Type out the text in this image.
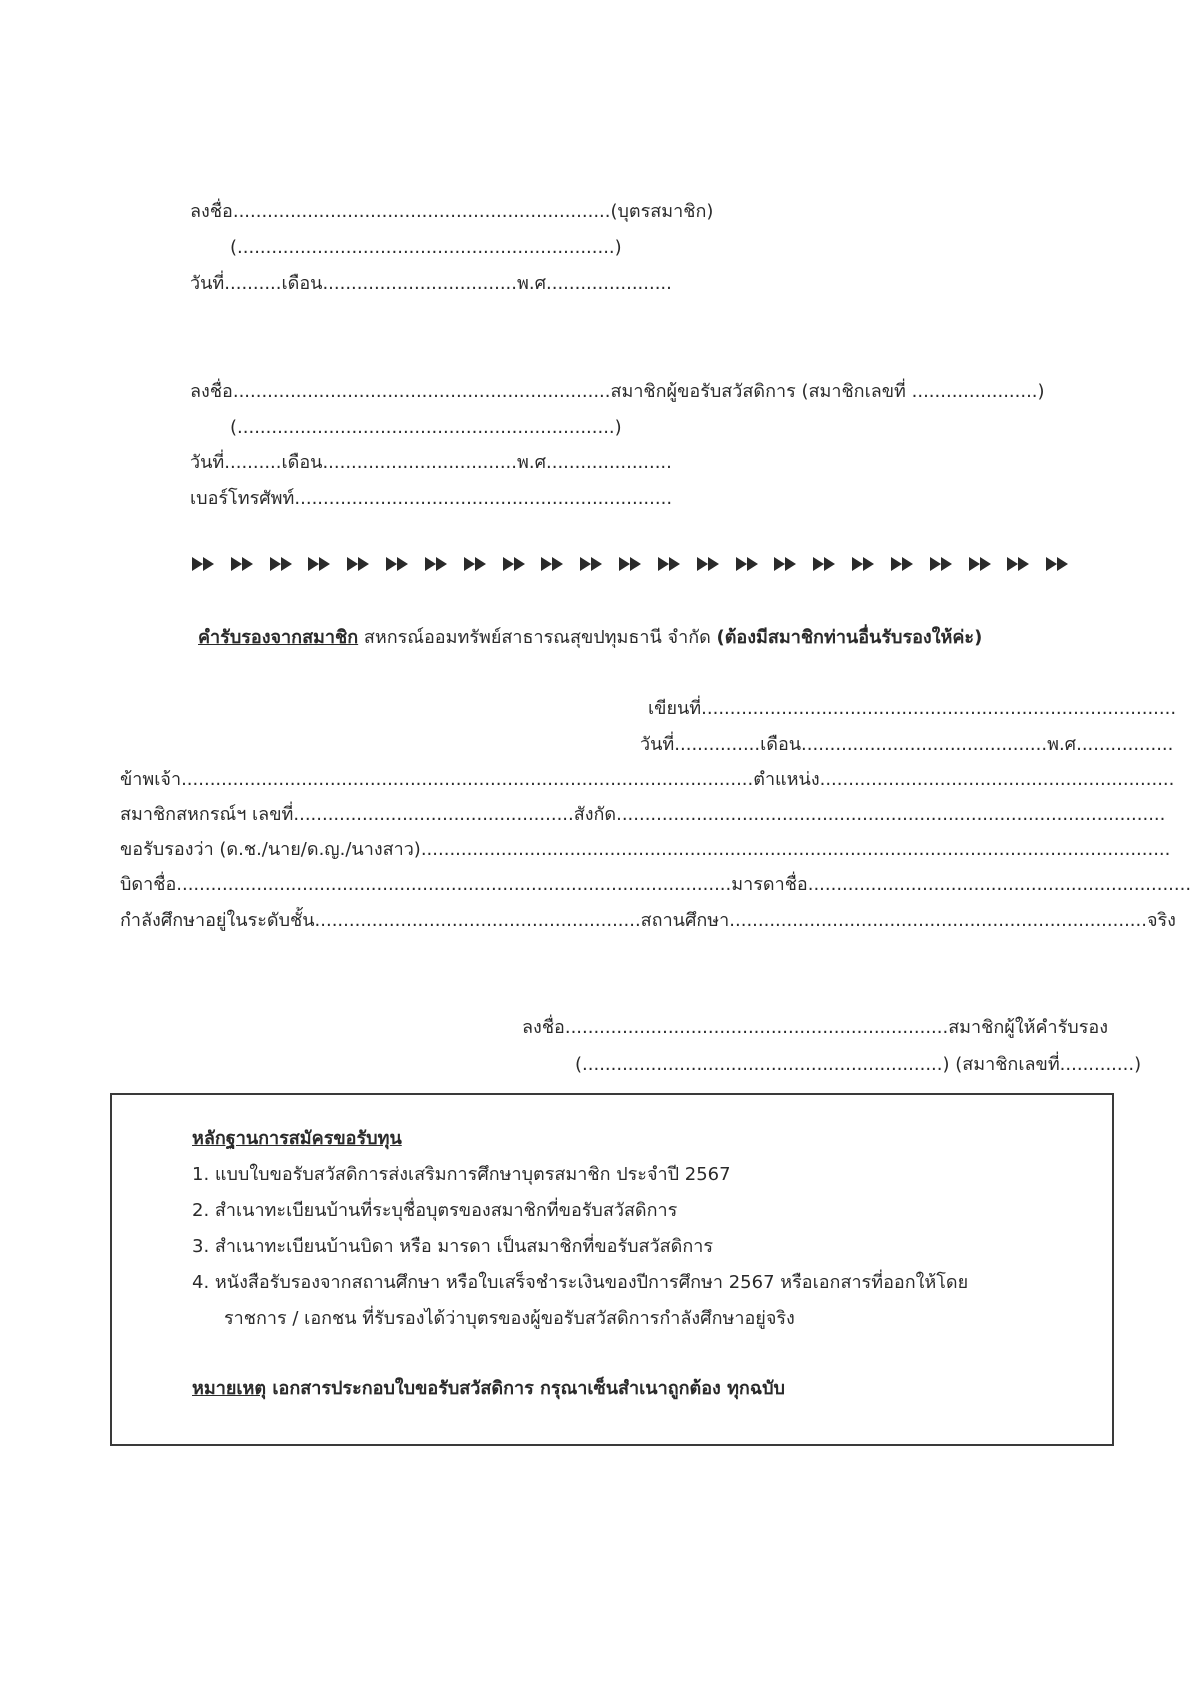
ลงชื่อ..................................................................(บุตรสมาชิก)
(..................................................................)
วันที่..........เดือน..................................พ.ศ......................
ลงชื่อ..................................................................สมาชิกผู้ขอรับสวัสดิการ (สมาชิกเลขที่ ......................)
(..................................................................)
วันที่..........เดือน..................................พ.ศ......................
เบอร์โทรศัพท์..................................................................
คำรับรองจากสมาชิก สหกรณ์ออมทรัพย์สาธารณสุขปทุมธานี จำกัด (ต้องมีสมาชิกท่านอื่นรับรองให้ค่ะ)
เขียนที่...................................................................................
วันที่...............เดือน...........................................พ.ศ.................
ข้าพเจ้า....................................................................................................ตำแหน่ง..............................................................
สมาชิกสหกรณ์ฯ เลขที่.................................................สังกัด................................................................................................
ขอรับรองว่า (ด.ช./นาย/ด.ญ./นางสาว)...................................................................................................................................
บิดาชื่อ.................................................................................................มารดาชื่อ...................................................................
กำลังศึกษาอยู่ในระดับชั้น.........................................................สถานศึกษา.........................................................................จริง
ลงชื่อ...................................................................สมาชิกผู้ให้คำรับรอง
(...............................................................) (สมาชิกเลขที่.............)
หลักฐานการสมัครขอรับทุน
1. แบบใบขอรับสวัสดิการส่งเสริมการศึกษาบุตรสมาชิก ประจำปี 2567
2. สำเนาทะเบียนบ้านที่ระบุชื่อบุตรของสมาชิกที่ขอรับสวัสดิการ
3. สำเนาทะเบียนบ้านบิดา หรือ มารดา เป็นสมาชิกที่ขอรับสวัสดิการ
4. หนังสือรับรองจากสถานศึกษา หรือใบเสร็จชำระเงินของปีการศึกษา 2567 หรือเอกสารที่ออกให้โดย
ราชการ / เอกชน ที่รับรองได้ว่าบุตรของผู้ขอรับสวัสดิการกำลังศึกษาอยู่จริง
หมายเหตุ เอกสารประกอบใบขอรับสวัสดิการ กรุณาเซ็นสำเนาถูกต้อง ทุกฉบับ
